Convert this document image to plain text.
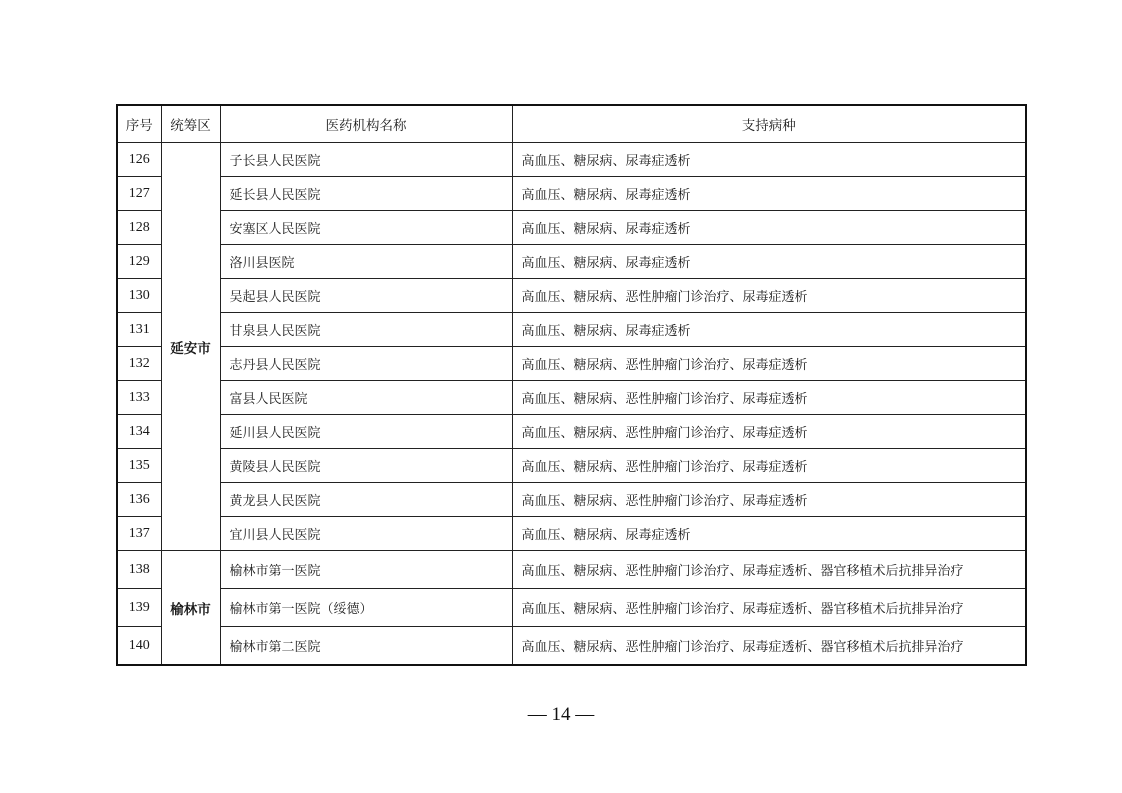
序号	统筹区	医药机构名称	支持病种
126	延安市	子长县人民医院	高血压、糖尿病、尿毒症透析
127		延长县人民医院	高血压、糖尿病、尿毒症透析
128		安塞区人民医院	高血压、糖尿病、尿毒症透析
129		洛川县医院	高血压、糖尿病、尿毒症透析
130		吴起县人民医院	高血压、糖尿病、恶性肿瘤门诊治疗、尿毒症透析
131		甘泉县人民医院	高血压、糖尿病、尿毒症透析
132		志丹县人民医院	高血压、糖尿病、恶性肿瘤门诊治疗、尿毒症透析
133		富县人民医院	高血压、糖尿病、恶性肿瘤门诊治疗、尿毒症透析
134		延川县人民医院	高血压、糖尿病、恶性肿瘤门诊治疗、尿毒症透析
135		黄陵县人民医院	高血压、糖尿病、恶性肿瘤门诊治疗、尿毒症透析
136		黄龙县人民医院	高血压、糖尿病、恶性肿瘤门诊治疗、尿毒症透析
137		宜川县人民医院	高血压、糖尿病、尿毒症透析
138	榆林市	榆林市第一医院	高血压、糖尿病、恶性肿瘤门诊治疗、尿毒症透析、器官移植术后抗排异治疗
139		榆林市第一医院（绥德）	高血压、糖尿病、恶性肿瘤门诊治疗、尿毒症透析、器官移植术后抗排异治疗
140		榆林市第二医院	高血压、糖尿病、恶性肿瘤门诊治疗、尿毒症透析、器官移植术后抗排异治疗
— 14 —
